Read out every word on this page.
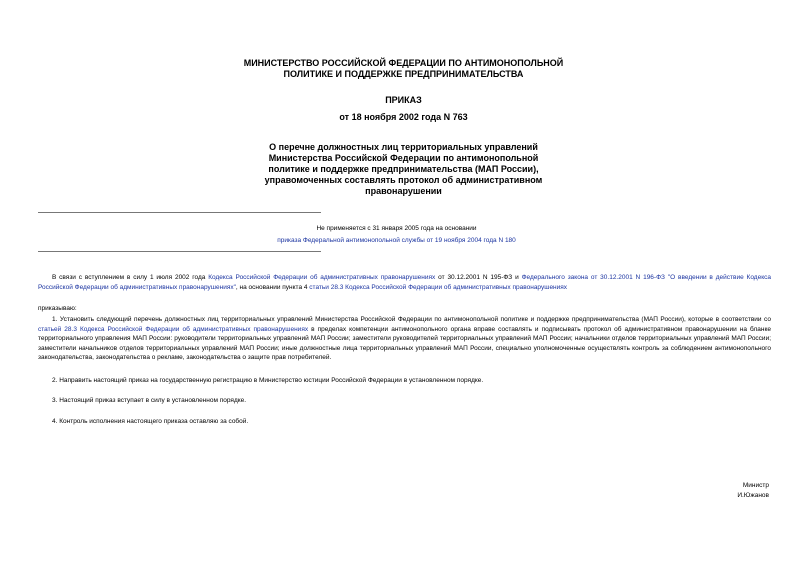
МИНИСТЕРСТВО РОССИЙСКОЙ ФЕДЕРАЦИИ ПО АНТИМОНОПОЛЬНОЙ
ПОЛИТИКЕ И ПОДДЕРЖКЕ ПРЕДПРИНИМАТЕЛЬСТВА
ПРИКАЗ
от 18 ноября 2002 года N 763
О перечне должностных лиц территориальных управлений
Министерства Российской Федерации по антимонопольной
политике и поддержке предпринимательства (МАП России),
упрaвомоченных составлять протокол об административном
правонарушении
Не применяется с 31 января 2005 года на основании
приказа Федеральной антимонопольной службы от 19 ноября 2004 года N 180
В связи с вступлением в силу 1 июля 2002 года Кодекса Российской Федерации об административных правонарушениях от 30.12.2001 N 195-ФЗ и Федерального закона от 30.12.2001 N 196-ФЗ "О введении в действие Кодекса Российской Федерации об административных правонарушениях", на основании пункта 4 статьи 28.3 Кодекса Российской Федерации об административных правонарушениях
приказываю:
1. Установить следующий перечень должностных лиц территориальных управлений Министерства Российской Федерации по антимонопольной политике и поддержке предпринимательства (МАП России), которые в соответствии со статьей 28.3 Кодекса Российской Федерации об административных правонарушениях в пределах компетенции антимонопольного органа вправе составлять и подписывать протокол об административном правонарушении на бланке территориального управления МАП России: руководители территориальных управлений МАП России; заместители руководителей территориальных управлений МАП России; начальники отделов территориальных управлений МАП России; заместители начальников отделов территориальных управлений МАП России; иные должностные лица территориальных управлений МАП России, специально уполномоченные осуществлять контроль за соблюдением антимонопольного законодательства, законодательства о рекламе, законодательства о защите прав потребителей.
2. Направить настоящий приказ на государственную регистрацию в Министерство юстиции Российской Федерации в установленном порядке.
3. Настоящий приказ вступает в силу в установленном порядке.
4. Контроль исполнения настоящего приказа оставляю за собой.
Министр
И.Южанов
